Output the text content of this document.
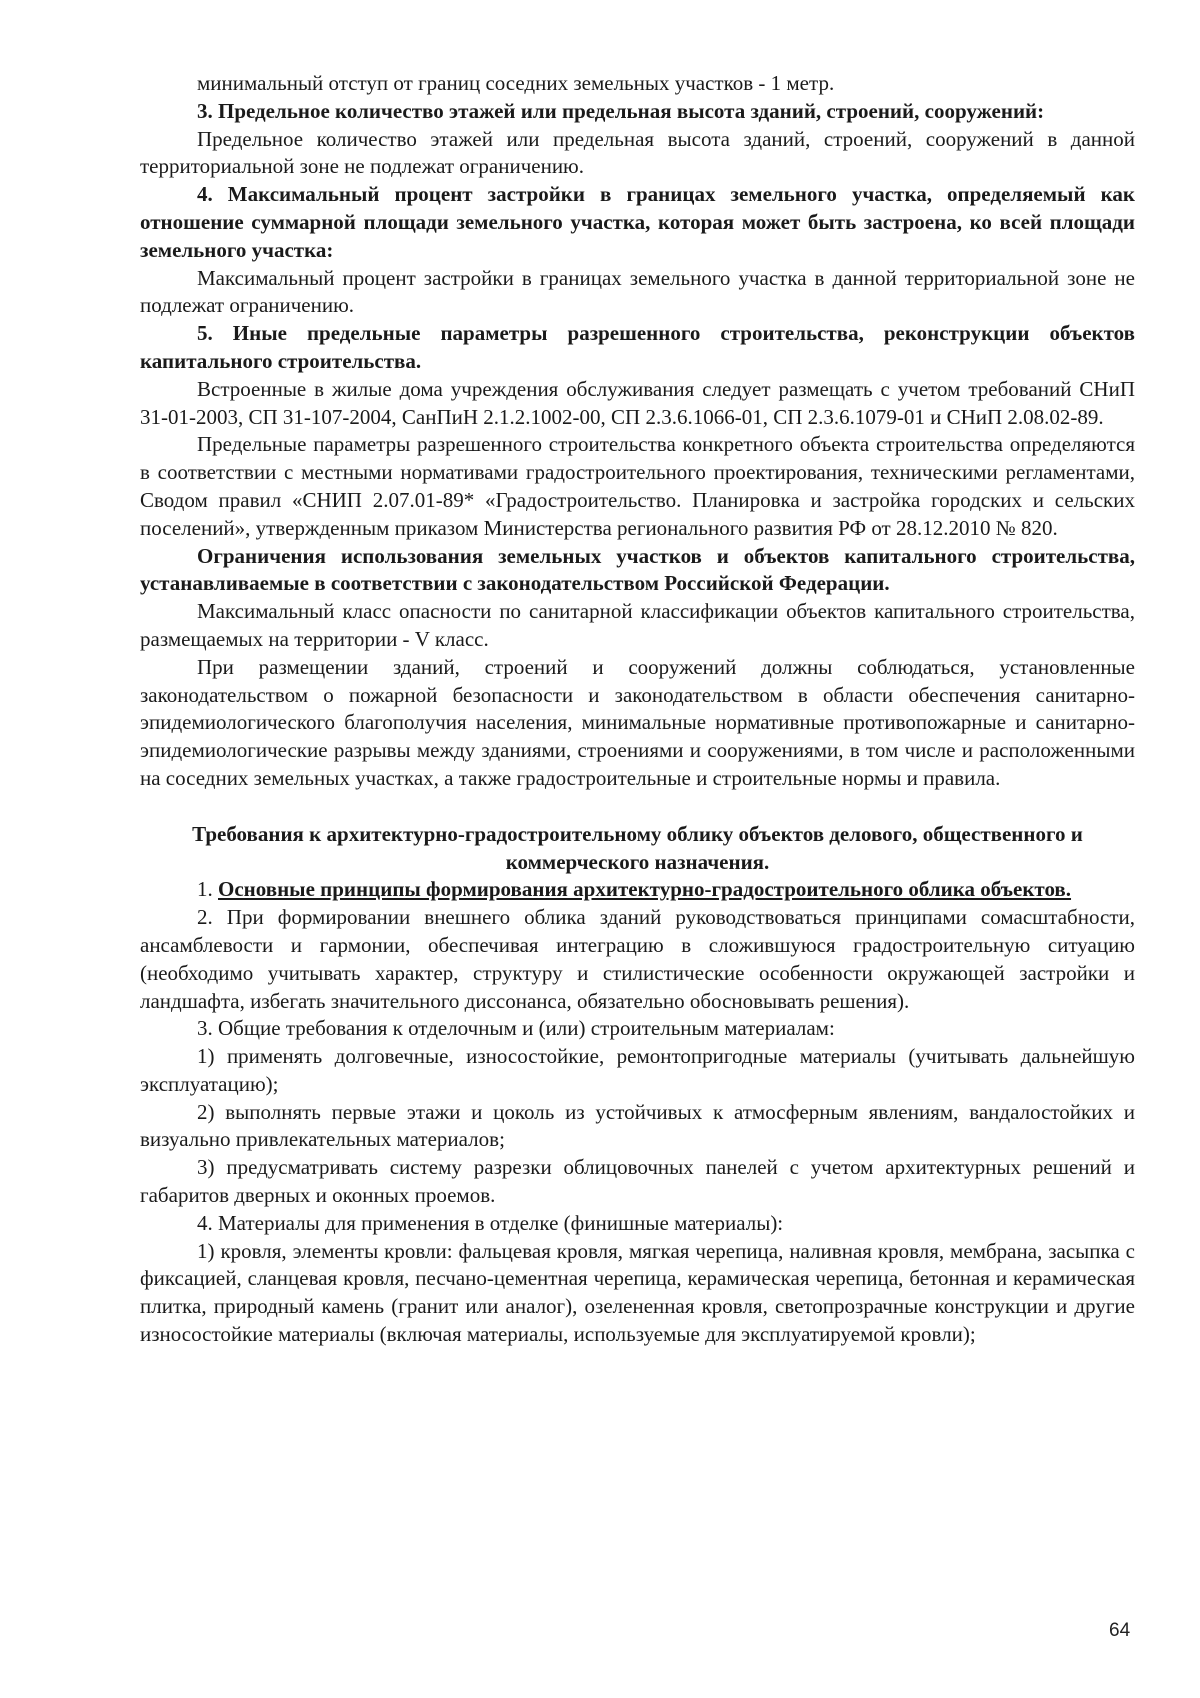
минимальный отступ от границ соседних земельных участков - 1 метр.

3. Предельное количество этажей или предельная высота зданий, строений, сооружений:

Предельное количество этажей или предельная высота зданий, строений, сооружений в данной территориальной зоне не подлежат ограничению.

4. Максимальный процент застройки в границах земельного участка, определяемый как отношение суммарной площади земельного участка, которая может быть застроена, ко всей площади земельного участка:

Максимальный процент застройки в границах земельного участка в данной территориальной зоне не подлежат ограничению.

5. Иные предельные параметры разрешенного строительства, реконструкции объектов капитального строительства.

Встроенные в жилые дома учреждения обслуживания следует размещать с учетом требований СНиП 31-01-2003, СП 31-107-2004, СанПиН 2.1.2.1002-00, СП 2.3.6.1066-01, СП 2.3.6.1079-01 и СНиП 2.08.02-89.

Предельные параметры разрешенного строительства конкретного объекта строительства определяются в соответствии с местными нормативами градостроительного проектирования, техническими регламентами, Сводом правил «СНИП 2.07.01-89* «Градостроительство. Планировка и застройка городских и сельских поселений», утвержденным приказом Министерства регионального развития РФ от 28.12.2010 № 820.

Ограничения использования земельных участков и объектов капитального строительства, устанавливаемые в соответствии с законодательством Российской Федерации.

Максимальный класс опасности по санитарной классификации объектов капитального строительства, размещаемых на территории - V класс.

При размещении зданий, строений и сооружений должны соблюдаться, установленные законодательством о пожарной безопасности и законодательством в области обеспечения санитарно-эпидемиологического благополучия населения, минимальные нормативные противопожарные и санитарно-эпидемиологические разрывы между зданиями, строениями и сооружениями, в том числе и расположенными на соседних земельных участках, а также градостроительные и строительные нормы и правила.

Требования к архитектурно-градостроительному облику объектов делового, общественного и коммерческого назначения.

1. Основные принципы формирования архитектурно-градостроительного облика объектов.

2. При формировании внешнего облика зданий руководствоваться принципами сомасштабности, ансамблевости и гармонии, обеспечивая интеграцию в сложившуюся градостроительную ситуацию (необходимо учитывать характер, структуру и стилистические особенности окружающей застройки и ландшафта, избегать значительного диссонанса, обязательно обосновывать решения).

3. Общие требования к отделочным и (или) строительным материалам:

1) применять долговечные, износостойкие, ремонтопригодные материалы (учитывать дальнейшую эксплуатацию);

2) выполнять первые этажи и цоколь из устойчивых к атмосферным явлениям, вандалостойких и визуально привлекательных материалов;

3) предусматривать систему разрезки облицовочных панелей с учетом архитектурных решений и габаритов дверных и оконных проемов.

4. Материалы для применения в отделке (финишные материалы):

1) кровля, элементы кровли: фальцевая кровля, мягкая черепица, наливная кровля, мембрана, засыпка с фиксацией, сланцевая кровля, песчано-цементная черепица, керамическая черепица, бетонная и керамическая плитка, природный камень (гранит или аналог), озелененная кровля, светопрозрачные конструкции и другие износостойкие материалы (включая материалы, используемые для эксплуатируемой кровли);

64
